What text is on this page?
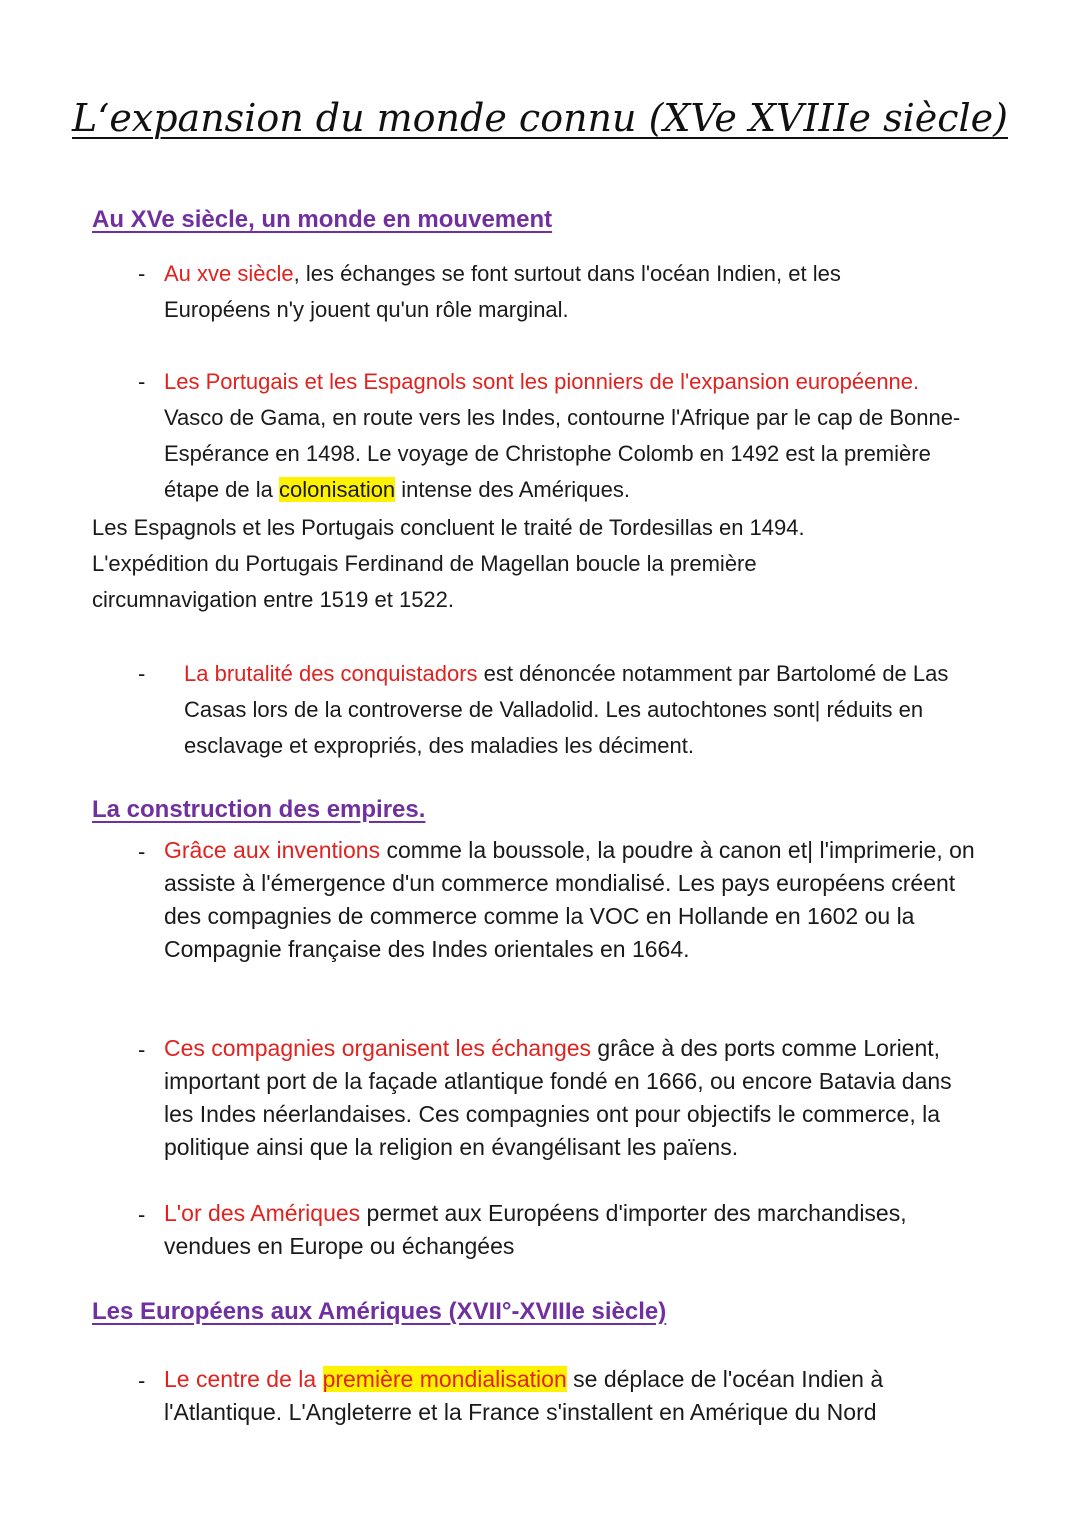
L‘expansion du monde connu (XVe XVIIIe siècle)
Au XVe siècle, un monde en mouvement
- Au xve siècle, les échanges se font surtout dans l'océan Indien, et les Européens n'y jouent qu'un rôle marginal.
- Les Portugais et les Espagnols sont les pionniers de l'expansion européenne. Vasco de Gama, en route vers les Indes, contourne l'Afrique par le cap de Bonne-Espérance en 1498. Le voyage de Christophe Colomb en 1492 est la première étape de la colonisation intense des Amériques.
Les Espagnols et les Portugais concluent le traité de Tordesillas en 1494.
L'expédition du Portugais Ferdinand de Magellan boucle la première circumnavigation entre 1519 et 1522.
- La brutalité des conquistadors est dénoncée notamment par Bartolomé de Las Casas lors de la controverse de Valladolid. Les autochtones sont| réduits en esclavage et expropriés, des maladies les déciment.
La construction des empires.
- Grâce aux inventions comme la boussole, la poudre à canon et| l'imprimerie, on assiste à l'émergence d'un commerce mondialisé. Les pays européens créent des compagnies de commerce comme la VOC en Hollande en 1602 ou la Compagnie française des Indes orientales en 1664.
- Ces compagnies organisent les échanges grâce à des ports comme Lorient, important port de la façade atlantique fondé en 1666, ou encore Batavia dans les Indes néerlandaises. Ces compagnies ont pour objectifs le commerce, la politique ainsi que la religion en évangélisant les païens.
- L'or des Amériques permet aux Européens d'importer des marchandises, vendues en Europe ou échangées
Les Européens aux Amériques (XVII°-XVIIIe siècle)
- Le centre de la première mondialisation se déplace de l'océan Indien à l'Atlantique. L'Angleterre et la France s'installent en Amérique du Nord
